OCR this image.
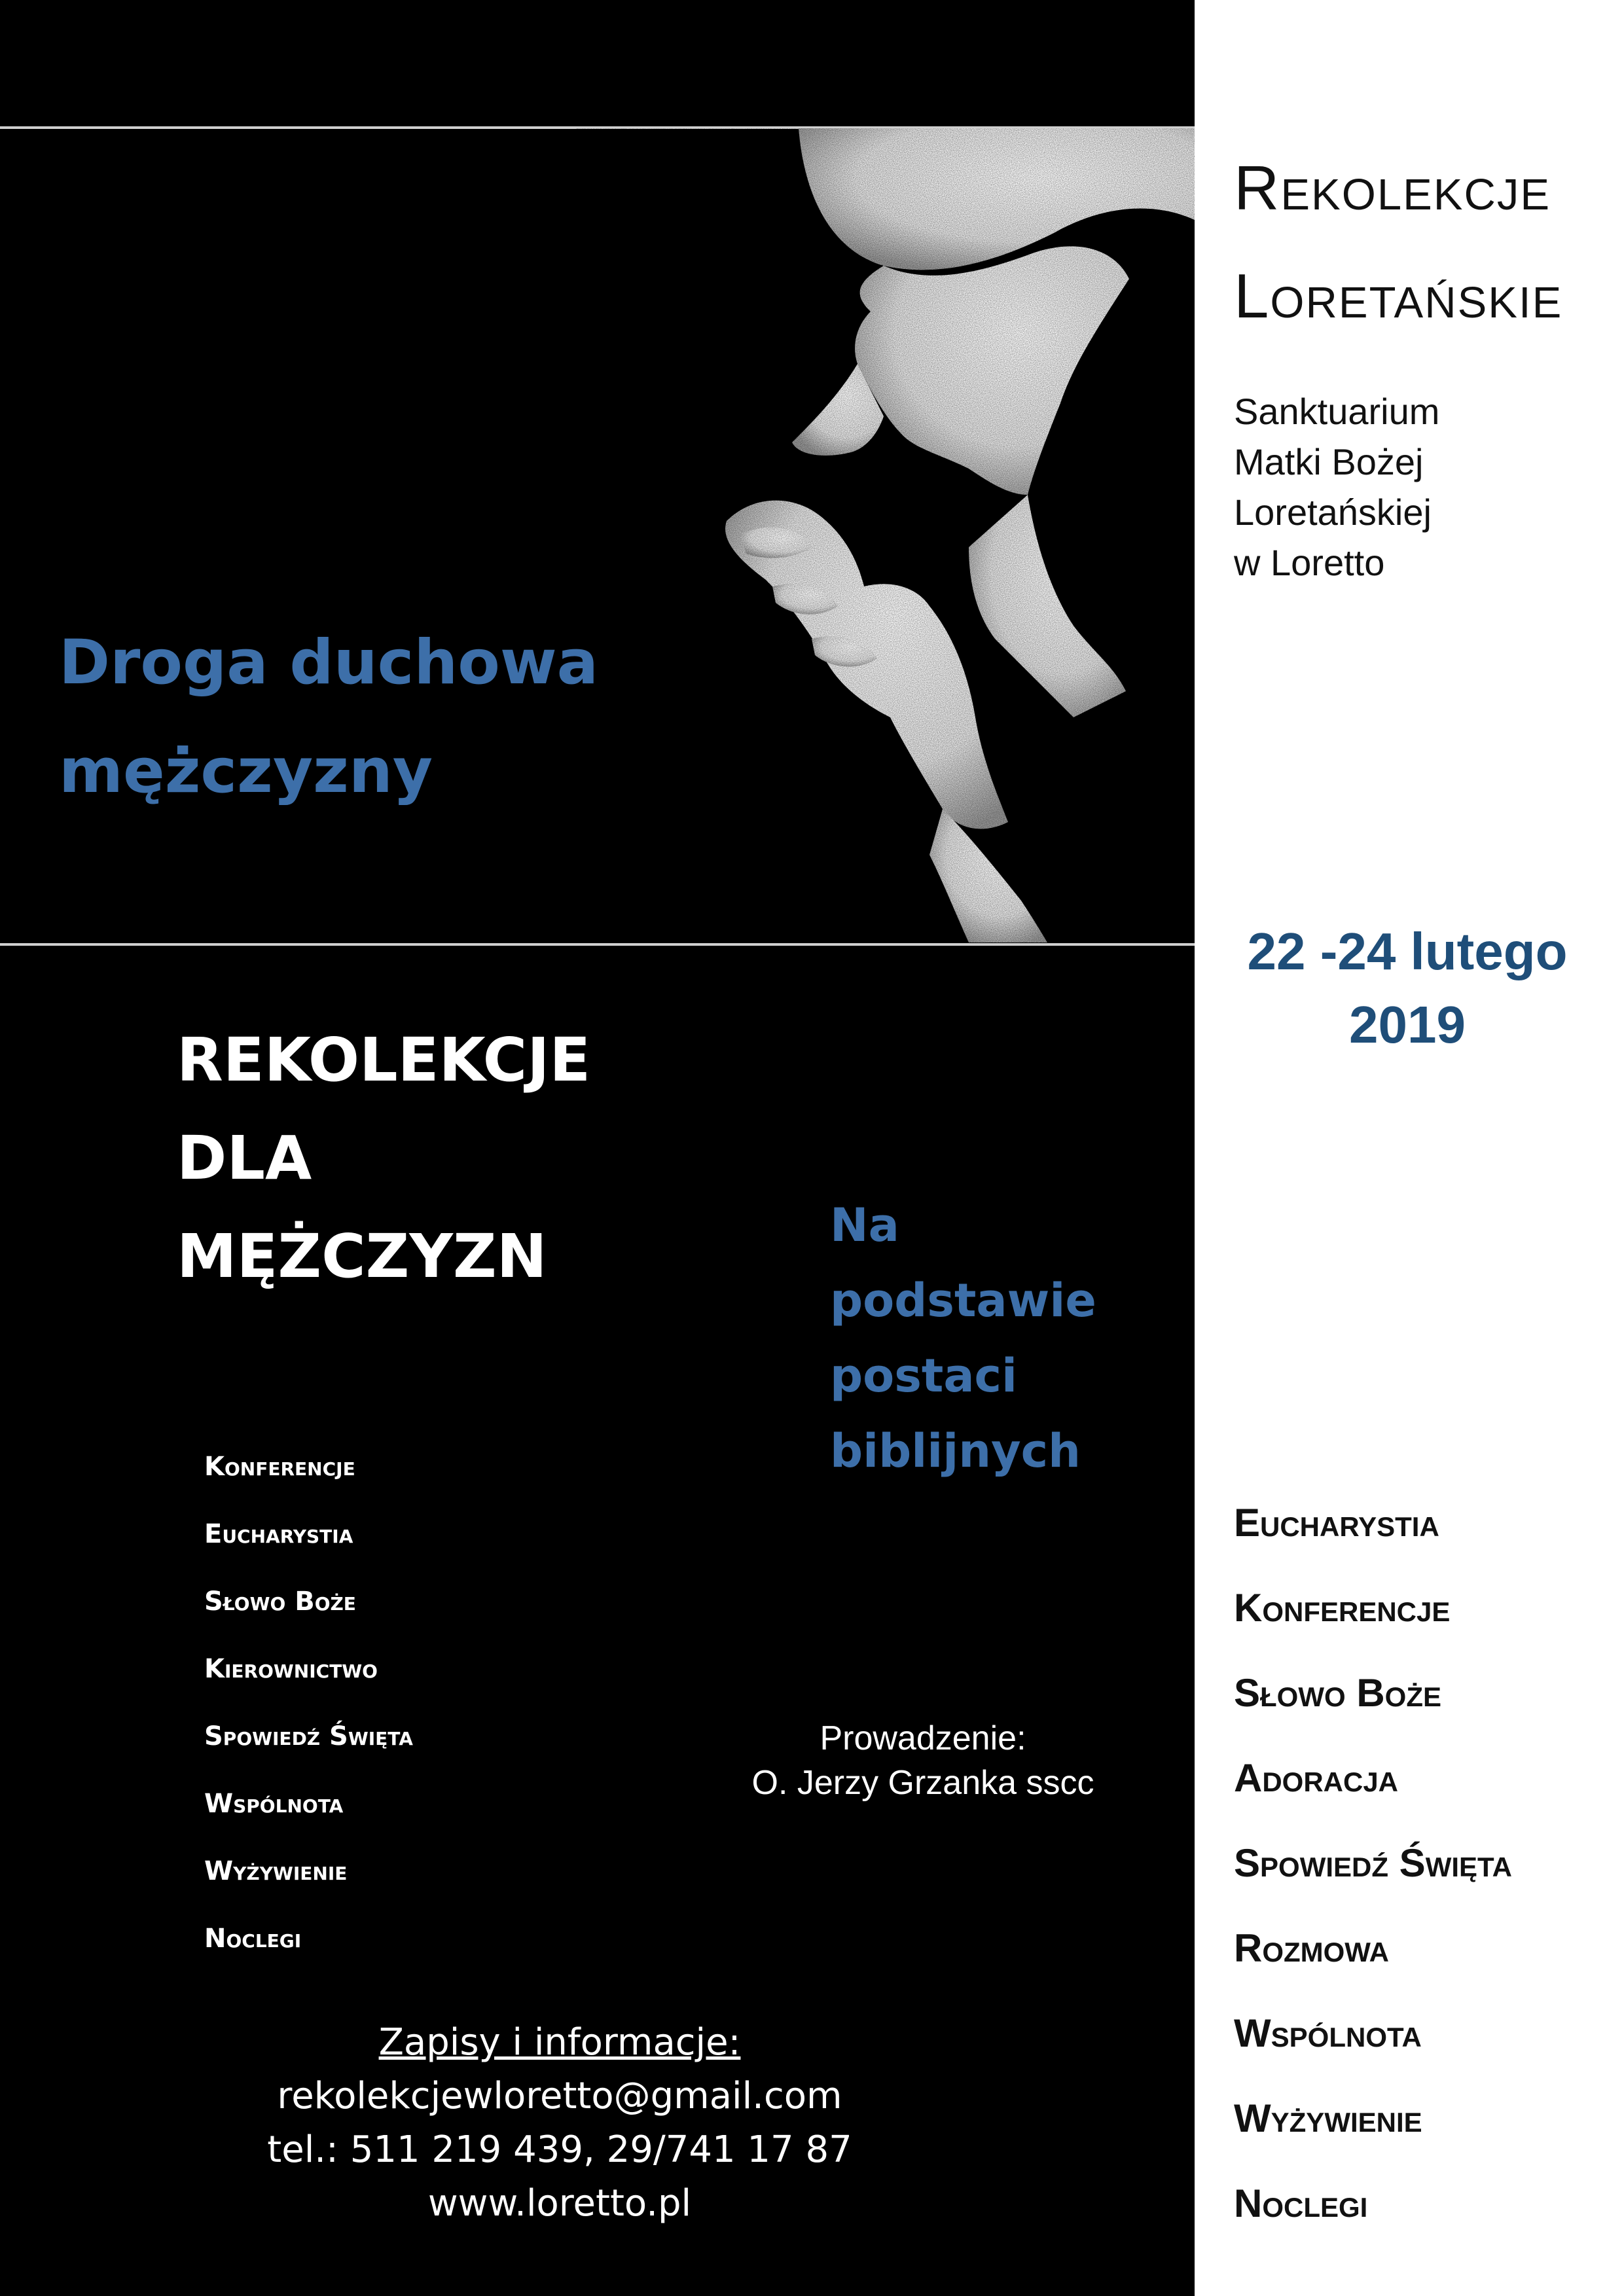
Droga duchowa
mężczyzny
REKOLEKCJE
DLA
MĘŻCZYZN	Na
podstawie
postaci
biblijnych
Konferencje
Eucharystia
Słowo Boże
Kierownictwo
Spowiedź Święta
Wspólnota
Wyżywienie
Noclegi
Prowadzenie:
O. Jerzy Grzanka sscc
Zapisy i informacje:
rekolekcjewloretto@gmail.com
tel.: 511 219 439, 29/741 17 87
www.loretto.pl
Rekolekcje
Loretańskie
Sanktuarium
Matki Bożej
Loretańskiej
w Loretto
22 -24 lutego
2019
Eucharystia
Konferencje
Słowo Boże
Adoracja
Spowiedź Święta
Rozmowa
Wspólnota
Wyżywienie
Noclegi
